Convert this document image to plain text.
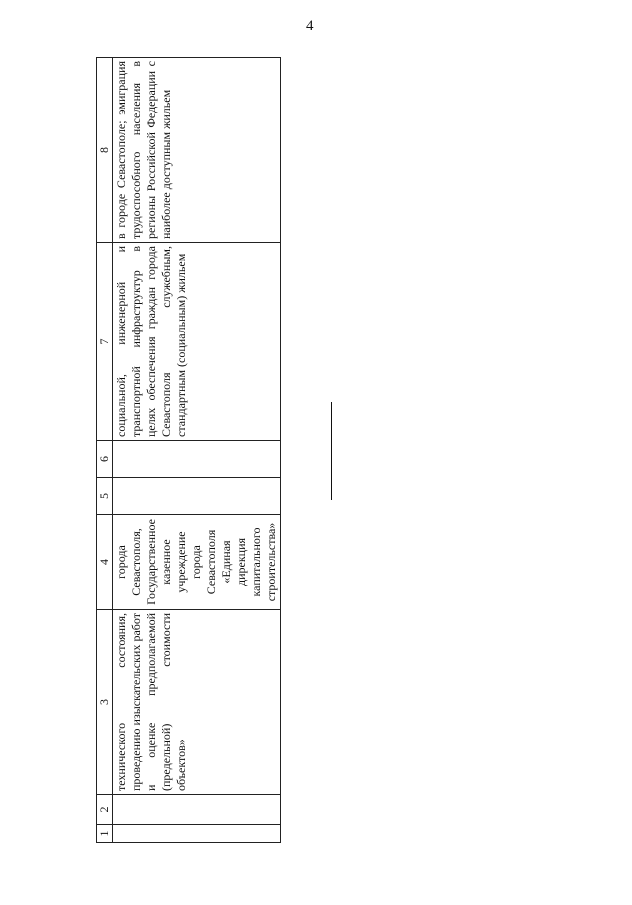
4
1	2	3	4	5	6	7	8
		технического состояния, проведению изыскательских работ и оценке предполагаемой (предельной) стоимости объектов»	города Севастополя, Государственное казенное учреждение города Севастополя «Единая дирекция капитального строительства»			социальной, инженерной и транспортной инфраструктур в целях обеспечения граждан города Севастополя служебным, стандартным (социальным) жильем	в городе Севастополе; эмиграция трудоспособного населения в регионы Российской Федерации с наиболее доступным жильем
